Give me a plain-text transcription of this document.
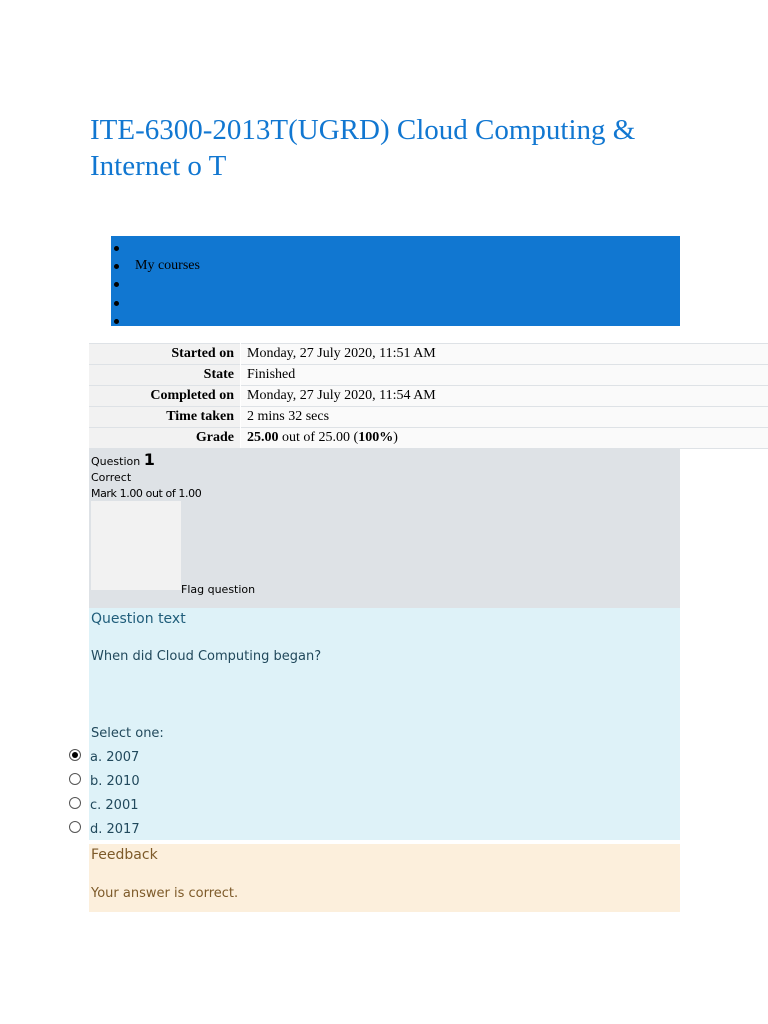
ITE-6300-2013T(UGRD) Cloud Computing & Internet o T
My courses
Started on	Monday, 27 July 2020, 11:51 AM
State	Finished
Completed on	Monday, 27 July 2020, 11:54 AM
Time taken	2 mins 32 secs
Grade	25.00 out of 25.00 (100%)
Question 1
Correct
Mark 1.00 out of 1.00
Flag question
Question text
When did Cloud Computing began?
Select one:
a. 2007
b. 2010
c. 2001
d. 2017
Feedback
Your answer is correct.
